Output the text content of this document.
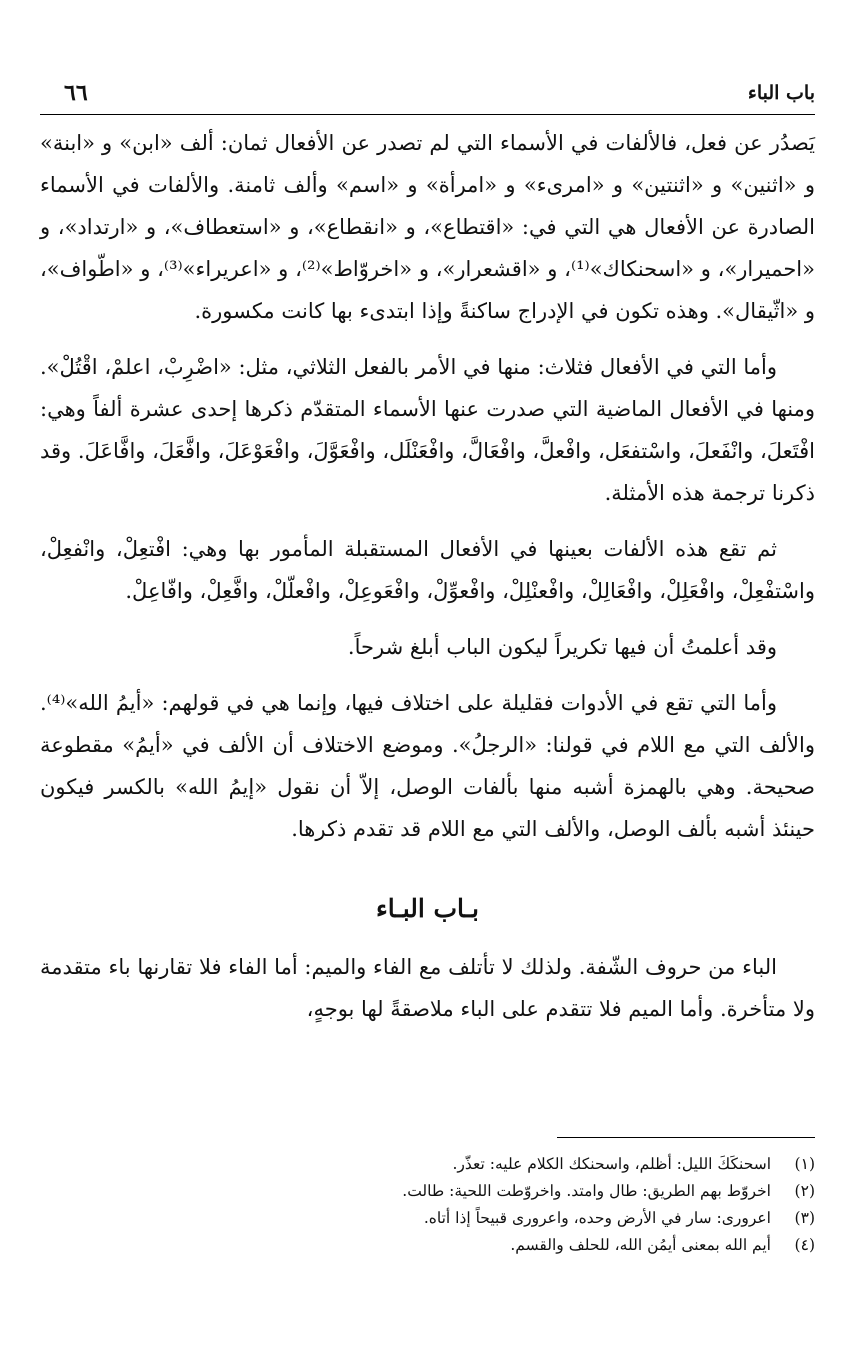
باب الباء
٦٦

يَصدُر عن فعل، فالألفات في الأسماء التي لم تصدر عن الأفعال ثمان: ألف «ابن» و «ابنة» و «اثنين» و «اثنتين» و «امرىء» و «امرأة» و «اسم» وألف ثامنة. والألفات في الأسماء الصادرة عن الأفعال هي التي في: «اقتطاع»، و «انقطاع»، و «استعطاف»، و «ارتداد»، و «احميرار»، و «اسحنكاك»⁽¹⁾، و «اقشعرار»، و «اخروّاط»⁽²⁾، و «اعريراء»⁽³⁾، و «اطّواف»، و «اثّيقال». وهذه تكون في الإدراج ساكنةً وإذا ابتدىء بها كانت مكسورة.

وأما التي في الأفعال فثلاث: منها في الأمر بالفعل الثلاثي، مثل: «اضْرِبْ، اعلمْ، اقْتُلْ». ومنها في الأفعال الماضية التي صدرت عنها الأسماء المتقدّم ذكرها إحدى عشرة ألفاً وهي: افْتَعلَ، وانْفَعلَ، واسْتفعَل، وافْعلَّ، وافْعَالَّ، وافْعَنْلَل، وافْعَوَّلَ، وافْعَوْعَلَ، وافَّعَلَ، وافَّاعَلَ. وقد ذكرنا ترجمة هذه الأمثلة.

ثم تقع هذه الألفات بعينها في الأفعال المستقبلة المأمور بها وهي: افْتعِلْ، وانْفعِلْ، واسْتفْعِلْ، وافْعَلِلْ، وافْعَالِلْ، وافْعنْلِلْ، وافْعوِّلْ، وافْعَوعِلْ، وافْعلّلْ، وافَّعِلْ، وافّاعِلْ.

وقد أعلمتُ أن فيها تكريراً ليكون الباب أبلغ شرحاً.

وأما التي تقع في الأدوات فقليلة على اختلاف فيها، وإنما هي في قولهم: «أيمُ الله»⁽⁴⁾. والألف التي مع اللام في قولنا: «الرجلُ». وموضع الاختلاف أن الألف في «أيمُ» مقطوعة صحيحة. وهي بالهمزة أشبه منها بألفات الوصل، إلاّ أن نقول «إيمُ الله» بالكسر فيكون حينئذ أشبه بألف الوصل، والألف التي مع اللام قد تقدم ذكرها.

بـاب البـاء

الباء من حروف الشّفة. ولذلك لا تأتلف مع الفاء والميم: أما الفاء فلا تقارنها باء متقدمة ولا متأخرة. وأما الميم فلا تتقدم على الباء ملاصقةً لها بوجهٍ،

(١)اسحنكَكَ الليل: أظلم، واسحنكك الكلام عليه: تعذّر.
(٢)اخروّط بهم الطريق: طال وامتد. واخروّطت اللحية: طالت.
(٣)اعرورى: سار في الأرض وحده، واعرورى قبيحاً إذا أتاه.
(٤)أيم الله بمعنى أيمُن الله، للحلف والقسم.
